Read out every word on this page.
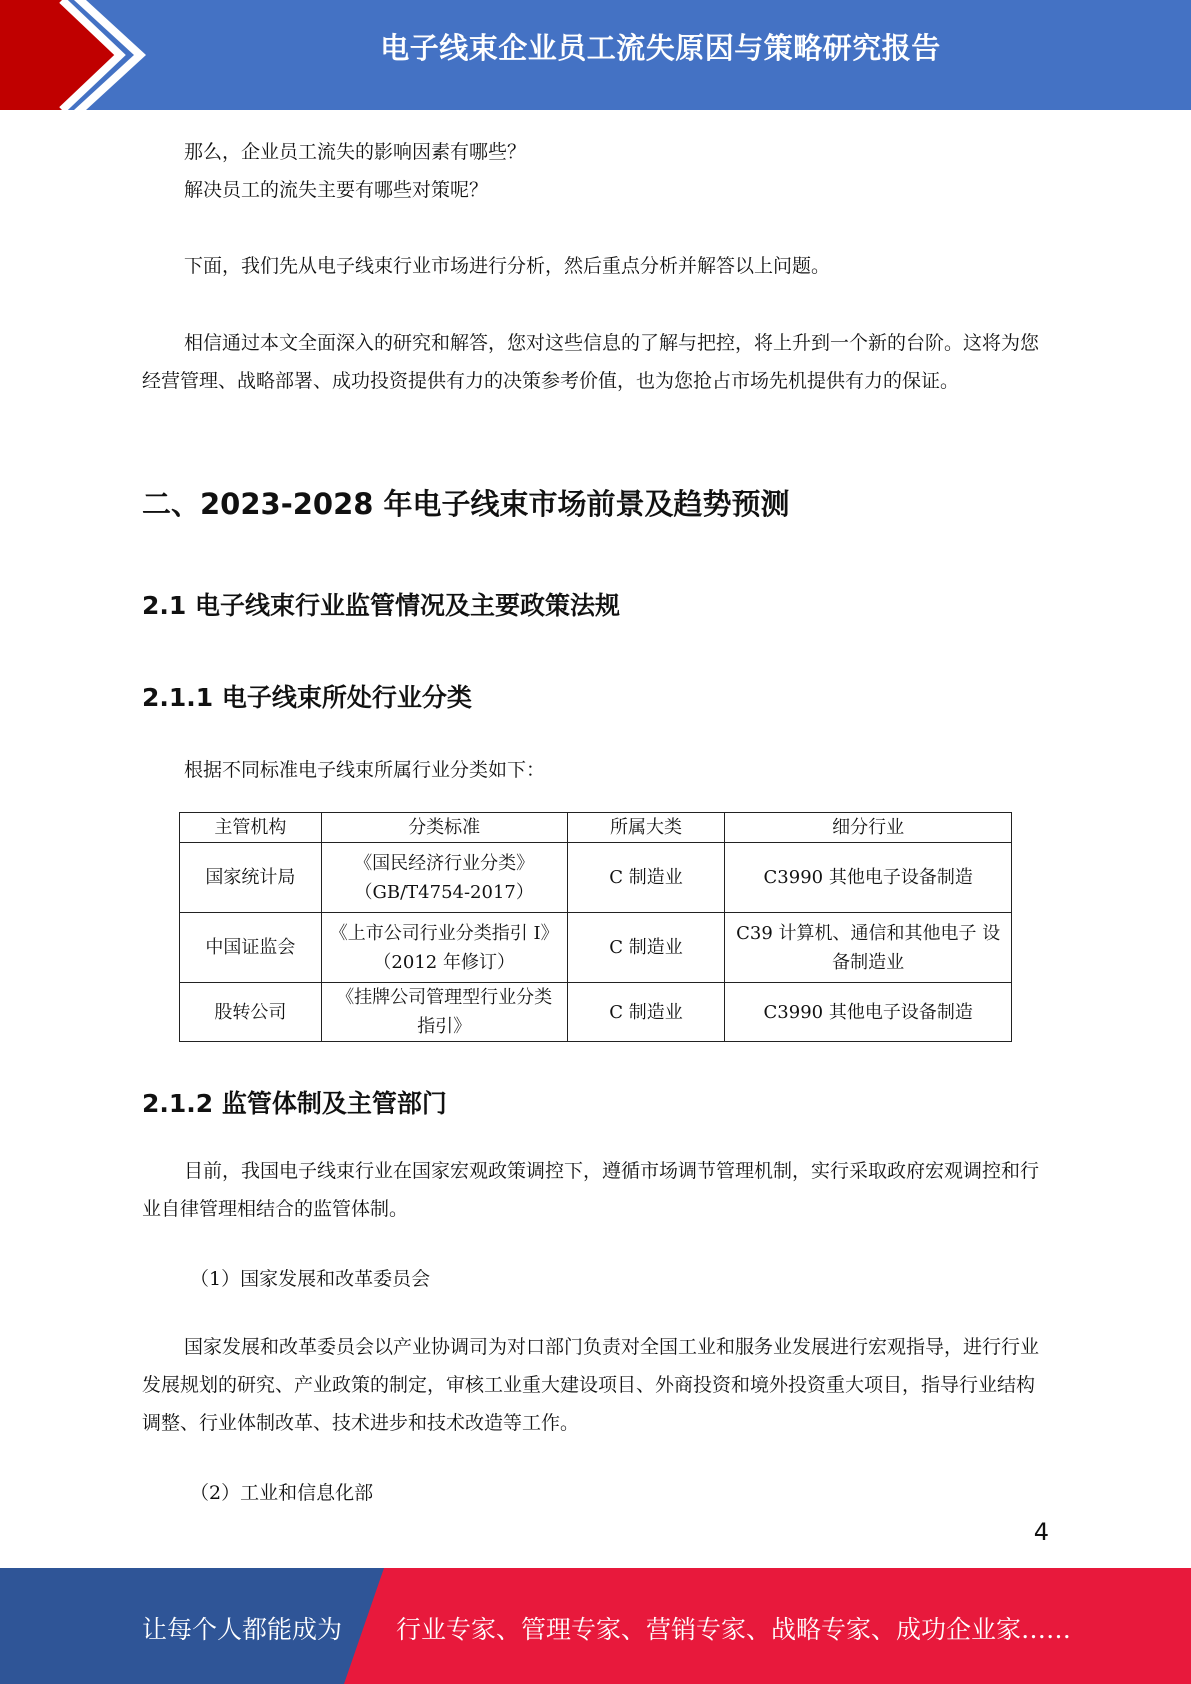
电子线束企业员工流失原因与策略研究报告
那么，企业员工流失的影响因素有哪些？
解决员工的流失主要有哪些对策呢？
下面，我们先从电子线束行业市场进行分析，然后重点分析并解答以上问题。
相信通过本文全面深入的研究和解答，您对这些信息的了解与把控，将上升到一个新的台阶。这将为您经营管理、战略部署、成功投资提供有力的决策参考价值，也为您抢占市场先机提供有力的保证。
二、2023-2028 年电子线束市场前景及趋势预测
2.1 电子线束行业监管情况及主要政策法规
2.1.1 电子线束所处行业分类
根据不同标准电子线束所属行业分类如下：
2.1.2 监管体制及主管部门
目前，我国电子线束行业在国家宏观政策调控下，遵循市场调节管理机制，实行采取政府宏观调控和行业自律管理相结合的监管体制。
（1）国家发展和改革委员会
国家发展和改革委员会以产业协调司为对口部门负责对全国工业和服务业发展进行宏观指导，进行行业发展规划的研究、产业政策的制定，审核工业重大建设项目、外商投资和境外投资重大项目，指导行业结构调整、行业体制改革、技术进步和技术改造等工作。
（2）工业和信息化部
主管机构	分类标准	所属大类	细分行业
国家统计局	《国民经济行业分类》（GB/T4754-2017）	C 制造业	C3990 其他电子设备制造
中国证监会	《上市公司行业分类指引 I》（2012 年修订）	C 制造业	C39 计算机、通信和其他电子 设备制造业
股转公司	《挂牌公司管理型行业分类指引》	C 制造业	C3990 其他电子设备制造
4
让每个人都能成为 行业专家、管理专家、营销专家、战略专家、成功企业家……
